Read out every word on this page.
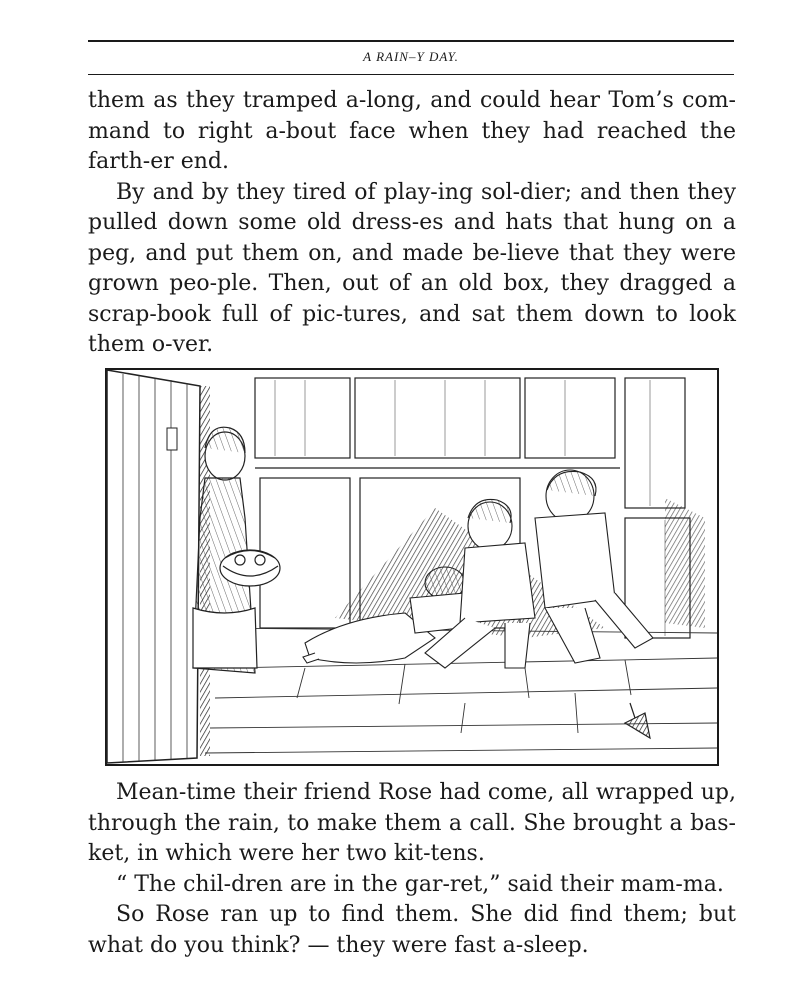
A RAIN–Y DAY.

them as they tramped a-long, and could hear Tom’s com-mand to right a-bout face when they had reached the farth-er end.

By and by they tired of play-ing sol-dier; and then they pulled down some old dress-es and hats that hung on a peg, and put them on, and made be-lieve that they were grown peo-ple. Then, out of an old box, they dragged a scrap-book full of pic-tures, and sat them down to look them o-ver.

Mean-time their friend Rose had come, all wrapped up, through the rain, to make them a call. She brought a bas-ket, in which were her two kit-tens.

“ The chil-dren are in the gar-ret,” said their mam-ma.

So Rose ran up to find them. She did find them; but what do you think? — they were fast a-sleep.
